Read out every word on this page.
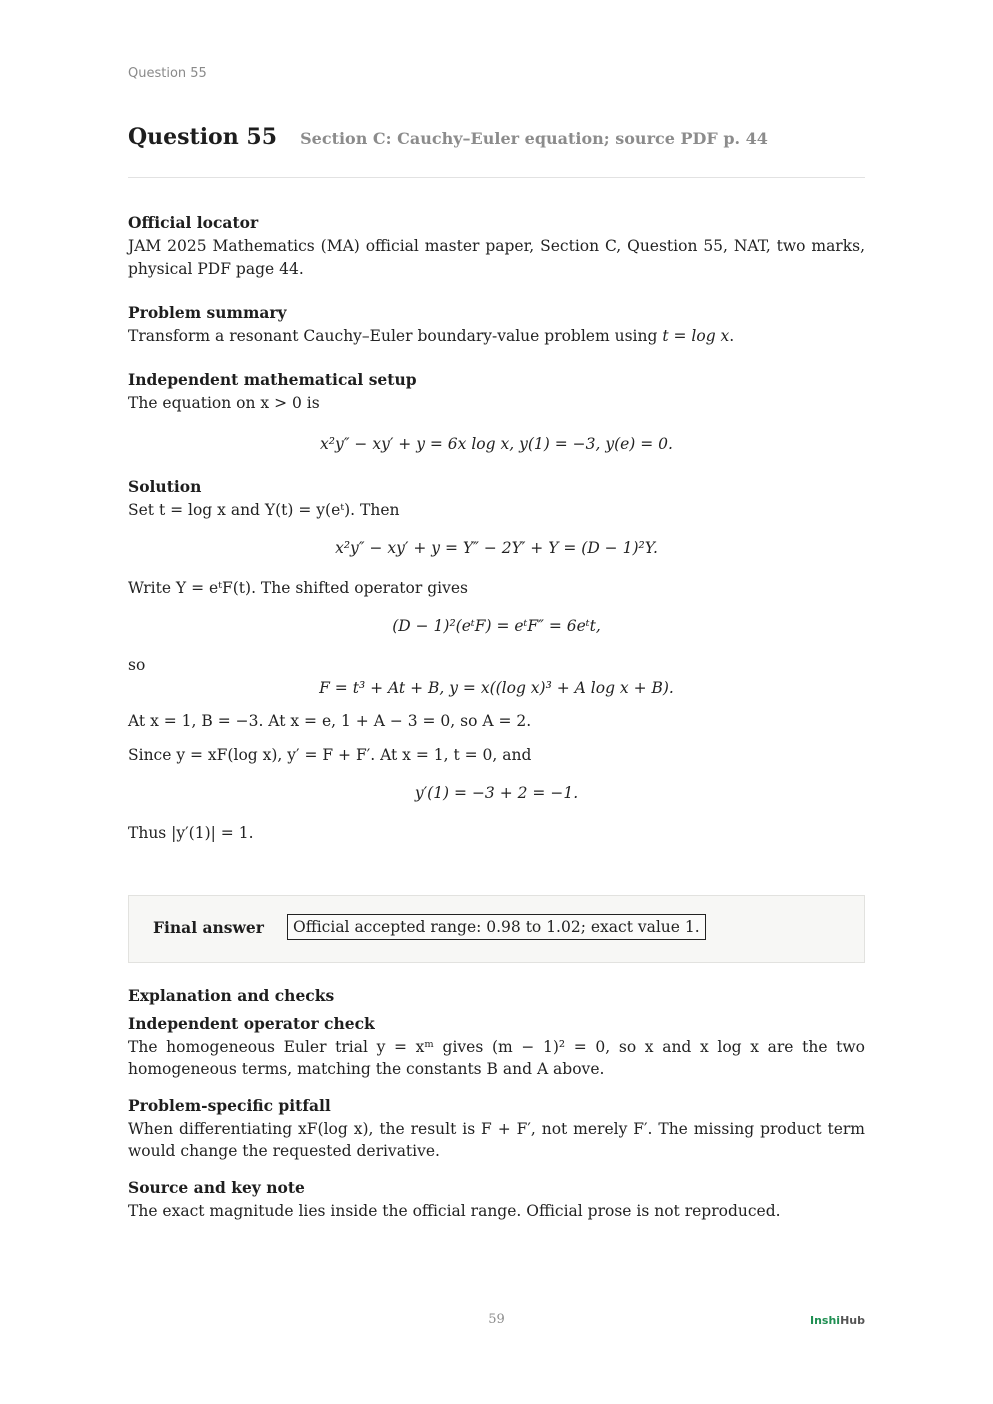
Question 55
Question 55 Section C: Cauchy–Euler equation; source PDF p. 44

Official locator

JAM 2025 Mathematics (MA) official master paper, Section C, Question 55, NAT, two marks, physical PDF page 44.

Problem summary

Transform a resonant Cauchy–Euler boundary-value problem using t = log x.

Independent mathematical setup

The equation on x > 0 is

x²y″ − xy′ + y = 6x log x, y(1) = −3, y(e) = 0.

Solution

Set t = log x and Y(t) = y(eᵗ). Then

x²y″ − xy′ + y = Y″ − 2Y′ + Y = (D − 1)²Y.

Write Y = eᵗF(t). The shifted operator gives

(D − 1)²(eᵗF) = eᵗF″ = 6eᵗt,

so

F = t³ + At + B, y = x((log x)³ + A log x + B).

At x = 1, B = −3. At x = e, 1 + A − 3 = 0, so A = 2.

Since y = xF(log x), y′ = F + F′. At x = 1, t = 0, and

y′(1) = −3 + 2 = −1.

Thus |y′(1)| = 1.

Final answer	Official accepted range: 0.98 to 1.02; exact value 1.

Explanation and checks

Independent operator check

The homogeneous Euler trial y = xᵐ gives (m − 1)² = 0, so x and x log x are the two homogeneous terms, matching the constants B and A above.

Problem-specific pitfall

When differentiating xF(log x), the result is F + F′, not merely F′. The missing product term would change the requested derivative.

Source and key note

The exact magnitude lies inside the official range. Official prose is not reproduced.

59	InshiHub
